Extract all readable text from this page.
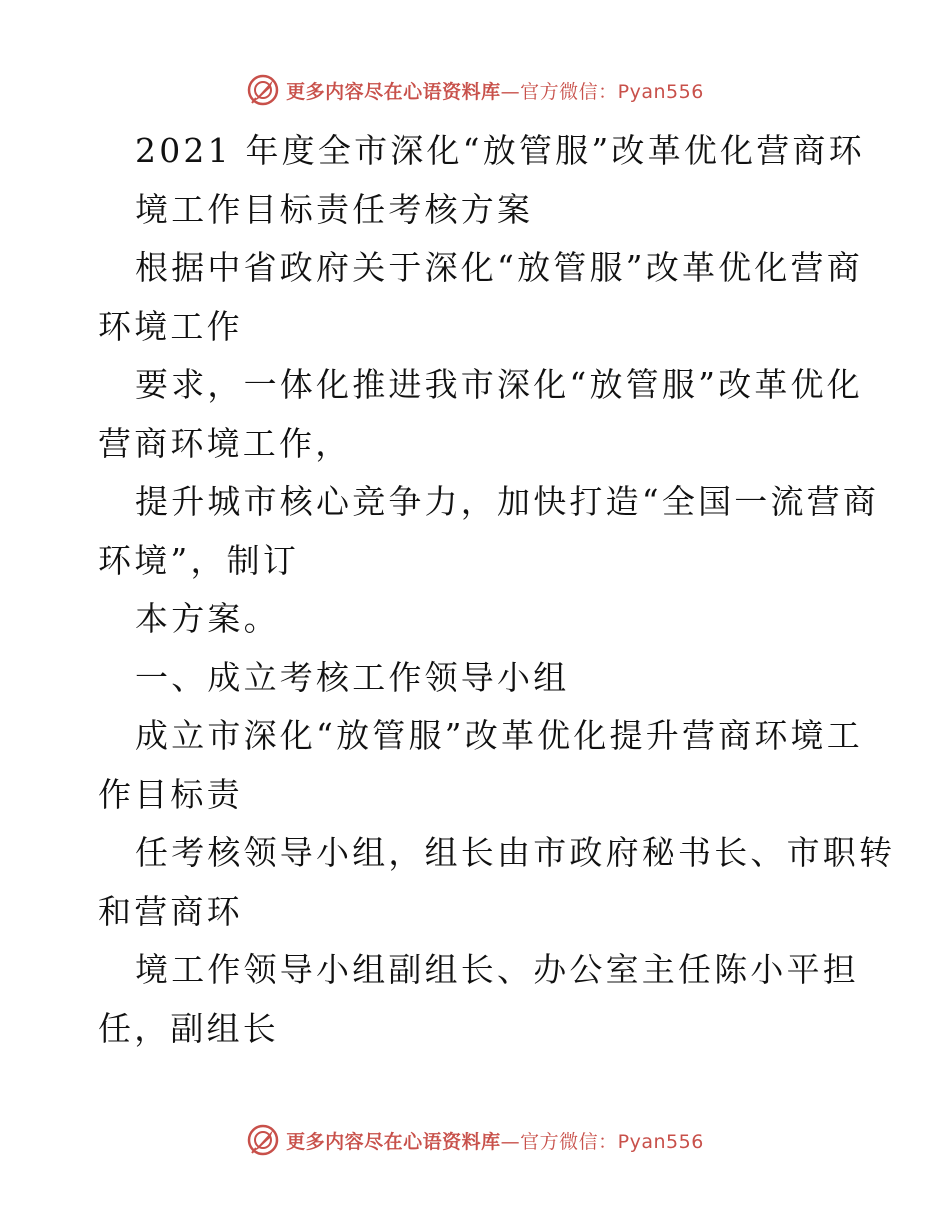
更多内容尽在心语资料库—官方微信：Pyan556
2021 年度全市深化“放管服”改革优化营商环
境工作目标责任考核方案
根据中省政府关于深化“放管服”改革优化营商
环境工作
要求，一体化推进我市深化“放管服”改革优化
营商环境工作，
提升城市核心竞争力，加快打造“全国一流营商
环境”，制订
本方案。
一、成立考核工作领导小组
成立市深化“放管服”改革优化提升营商环境工
作目标责
任考核领导小组，组长由市政府秘书长、市职转
和营商环
境工作领导小组副组长、办公室主任陈小平担
任，副组长
更多内容尽在心语资料库—官方微信：Pyan556
